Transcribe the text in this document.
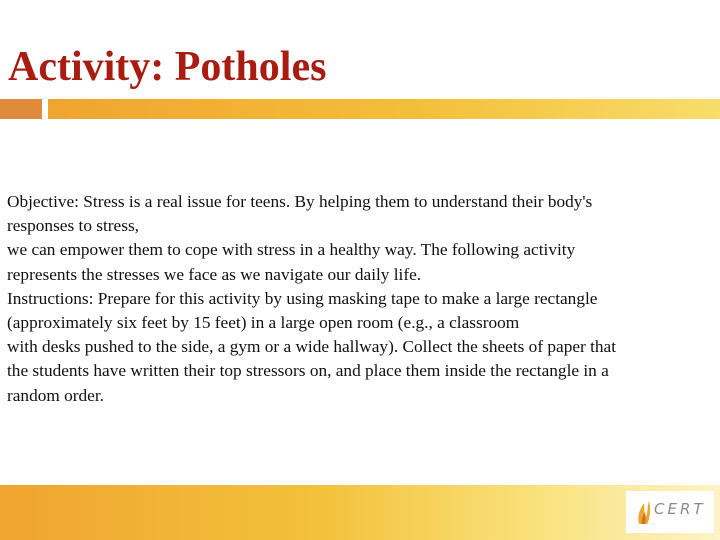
Activity: Potholes
Objective: Stress is a real issue for teens. By helping them to understand their body's
responses to stress,
we can empower them to cope with stress in a healthy way. The following activity
represents the stresses we face as we navigate our daily life.
Instructions: Prepare for this activity by using masking tape to make a large rectangle
(approximately six feet by 15 feet) in a large open room (e.g., a classroom
with desks pushed to the side, a gym or a wide hallway). Collect the sheets of paper that
the students have written their top stressors on, and place them inside the rectangle in a
random order.
CERT
